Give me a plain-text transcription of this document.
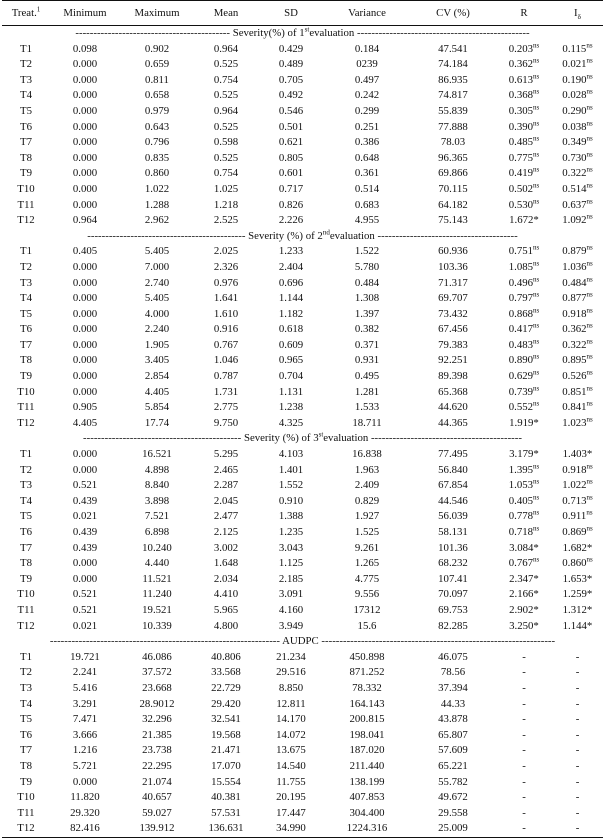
Treat.$^1$	Minimum	Maximum	Mean	SD	Variance	CV (%)	R	$I_\delta$
------------------------------------------- Severity(%) of 1stevaluation ------------------------------------------------								
T1	0.098	0.902	0.964	0.429	0.184	47.541	$0.203^{ns}$	$0.115^{ns}$
T2	0.000	0.659	0.525	0.489	0239	74.184	$0.362^{ns}$	$0.021^{ns}$
T3	0.000	0.811	0.754	0.705	0.497	86.935	$0.613^{ns}$	$0.190^{ns}$
T4	0.000	0.658	0.525	0.492	0.242	74.817	$0.368^{ns}$	$0.028^{ns}$
T5	0.000	0.979	0.964	0.546	0.299	55.839	$0.305^{ns}$	$0.290^{ns}$
T6	0.000	0.643	0.525	0.501	0.251	77.888	$0.390^{ns}$	$0.038^{ns}$
T7	0.000	0.796	0.598	0.621	0.386	78.03	$0.485^{ns}$	$0.349^{ns}$
T8	0.000	0.835	0.525	0.805	0.648	96.365	$0.775^{ns}$	$0.730^{ns}$
T9	0.000	0.860	0.754	0.601	0.361	69.866	$0.419^{ns}$	$0.322^{ns}$
T10	0.000	1.022	1.025	0.717	0.514	70.115	$0.502^{ns}$	$0.514^{ns}$
T11	0.000	1.288	1.218	0.826	0.683	64.182	$0.530^{ns}$	$0.637^{ns}$
T12	0.964	2.962	2.525	2.226	4.955	75.143	1.672*	$1.092^{ns}$
-------------------------------------------- Severity (%) of 2ndevaluation ---------------------------------------								
T1	0.405	5.405	2.025	1.233	1.522	60.936	$0.751^{ns}$	$0.879^{ns}$
T2	0.000	7.000	2.326	2.404	5.780	103.36	$1.085^{ns}$	$1.036^{ns}$
T3	0.000	2.740	0.976	0.696	0.484	71.317	$0.496^{ns}$	$0.484^{ns}$
T4	0.000	5.405	1.641	1.144	1.308	69.707	$0.797^{ns}$	$0.877^{ns}$
T5	0.000	4.000	1.610	1.182	1.397	73.432	$0.868^{ns}$	$0.918^{ns}$
T6	0.000	2.240	0.916	0.618	0.382	67.456	$0.417^{ns}$	$0.362^{ns}$
T7	0.000	1.905	0.767	0.609	0.371	79.383	$0.483^{ns}$	$0.322^{ns}$
T8	0.000	3.405	1.046	0.965	0.931	92.251	$0.890^{ns}$	$0.895^{ns}$
T9	0.000	2.854	0.787	0.704	0.495	89.398	$0.629^{ns}$	$0.526^{ns}$
T10	0.000	4.405	1.731	1.131	1.281	65.368	$0.739^{ns}$	$0.851^{ns}$
T11	0.905	5.854	2.775	1.238	1.533	44.620	$0.552^{ns}$	$0.841^{ns}$
T12	4.405	17.74	9.750	4.325	18.711	44.365	1.919*	$1.023^{ns}$
-------------------------------------------- Severity (%) of 3stevaluation ------------------------------------------								
T1	0.000	16.521	5.295	4.103	16.838	77.495	3.179*	1.403*
T2	0.000	4.898	2.465	1.401	1.963	56.840	$1.395^{ns}$	$0.918^{ns}$
T3	0.521	8.840	2.287	1.552	2.409	67.854	$1.053^{ns}$	$1.022^{ns}$
T4	0.439	3.898	2.045	0.910	0.829	44.546	$0.405^{ns}$	$0.713^{ns}$
T5	0.021	7.521	2.477	1.388	1.927	56.039	$0.778^{ns}$	$0.911^{ns}$
T6	0.439	6.898	2.125	1.235	1.525	58.131	$0.718^{ns}$	$0.869^{ns}$
T7	0.439	10.240	3.002	3.043	9.261	101.36	3.084*	1.682*
T8	0.000	4.440	1.648	1.125	1.265	68.232	$0.767^{ns}$	$0.860^{ns}$
T9	0.000	11.521	2.034	2.185	4.775	107.41	2.347*	1.653*
T10	0.521	11.240	4.410	3.091	9.556	70.097	2.166*	1.259*
T11	0.521	19.521	5.965	4.160	17312	69.753	2.902*	1.312*
T12	0.021	10.339	4.800	3.949	15.6	82.285	3.250*	1.144*
---------------------------------------------------------------- AUDPC -----------------------------------------------------------------								
T1	19.721	46.086	40.806	21.234	450.898	46.075	-	-
T2	2.241	37.572	33.568	29.516	871.252	78.56	-	-
T3	5.416	23.668	22.729	8.850	78.332	37.394	-	-
T4	3.291	28.9012	29.420	12.811	164.143	44.33	-	-
T5	7.471	32.296	32.541	14.170	200.815	43.878	-	-
T6	3.666	21.385	19.568	14.072	198.041	65.807	-	-
T7	1.216	23.738	21.471	13.675	187.020	57.609	-	-
T8	5.721	22.295	17.070	14.540	211.440	65.221	-	-
T9	0.000	21.074	15.554	11.755	138.199	55.782	-	-
T10	11.820	40.657	40.381	20.195	407.853	49.672	-	-
T11	29.320	59.027	57.531	17.447	304.400	29.558	-	-
T12	82.416	139.912	136.631	34.990	1224.316	25.009	-	-
